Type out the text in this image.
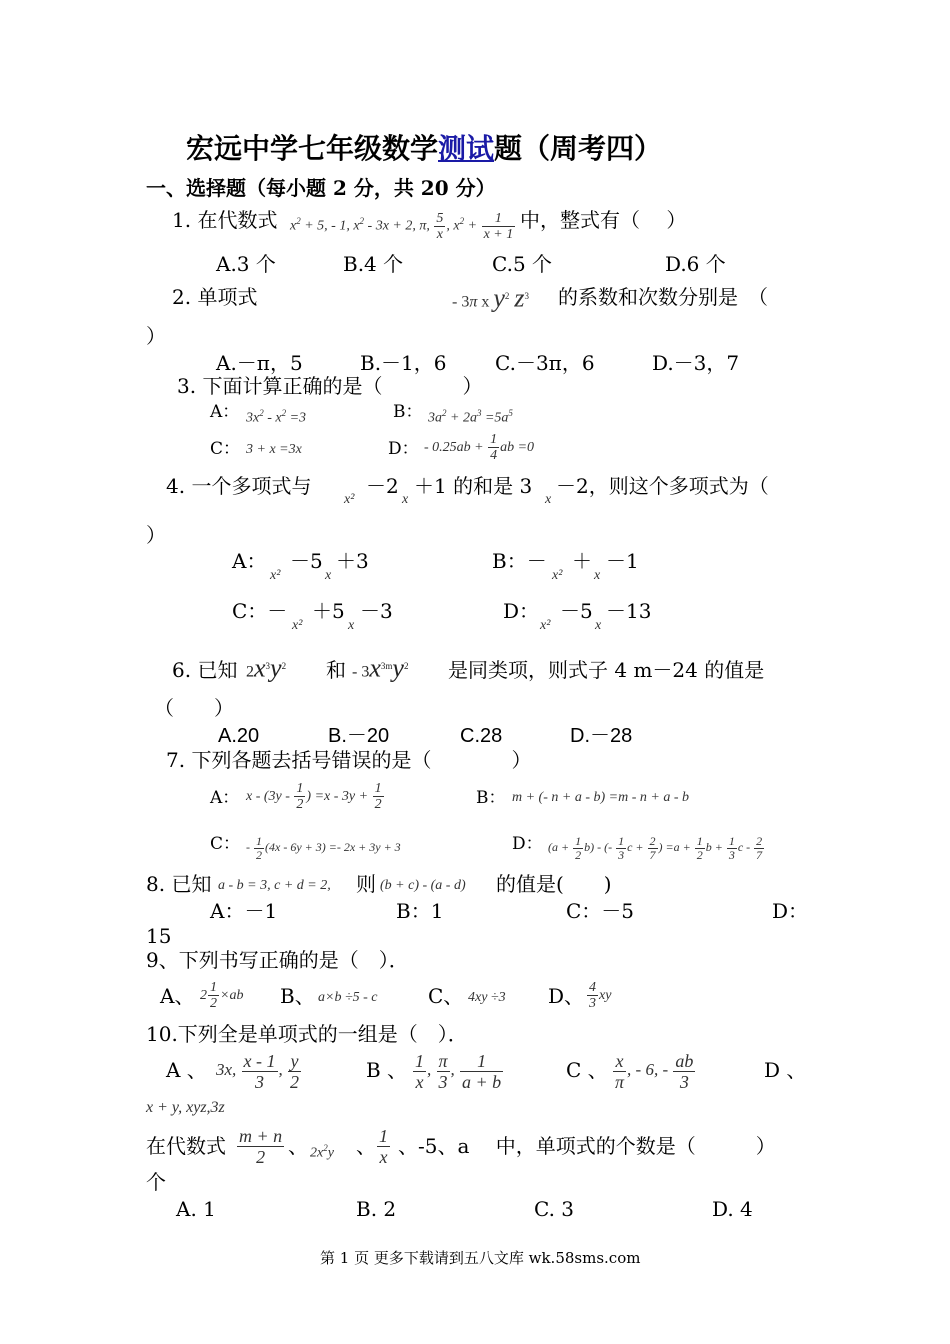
宏远中学七年级数学测试题（周考四）
一、选择题（每小题 2 分，共 20 分）
1. 在代数式 $x^2 + 5$, - 1, $x^2 - 3x + 2$, π, $\frac{5}{x}$ , $x^2 + \frac{1}{x + 1}$ 中，整式有（　 ）
A.3 个	B.4 个	C.5 个	D.6 个
2. 单项式	- 3π x $y^2$ $z^3$ 的系数和次数分别是　（
）
A.－π，5	B.－1，6 C.－3π，6	D.－3，7
3. 下面计算正确的是（　　　　）
A： $3x^2 - x^2 =3$	B： $3a^2 + 2a^3 =5a^5$
C： 3 + x =3x	D： - $0.25ab + \frac{1}{4}$ ab =0
4. 一个多项式与
x²
－2
x
＋1 的和是 3
x
－2，则这个多项式为（
）
A：
x²
－5
x
＋3	B：－
x²
＋
x
－1
C：－
x²
＋5
x
－3	D：
x²
－5
x
－13
6. 已知 $2x^3y^2$ 和 - $3x^{3m}y^2$ 是同类项，则式子 4 m－24 的值是
（　　）
A.20	B.－20	C.28	D.－28
7. 下列各题去括号错误的是（　　　　）
A： x - ($3y - \frac{1}{2}$ ) $=x - 3y + \frac{1}{2}$	B： m + (- n + a - b) =m - n + a - b
C： - $\frac{1}{2} (4x - 6y + 3) =- 2x + 3y + 3$	D： $(a + \frac{1}{2} b)$ - (- $\frac{1}{3}$ $c + \frac{2}{7}$ ) $=a + \frac{1}{2}$ $b + \frac{1}{3}$ c - $\frac{2}{7}$
8. 已知 a - b = 3, c + d = 2, 则 (b + c) - (a - d) 的值是(　　)
A：－1	B：1	C：－5	D：
15
9、下列书写正确的是（　）．
A、 $2 \frac{1}{2} \times ab$ B、 a×b ÷5 - c	C、 4xy ÷3 D、 $\frac{4}{3}$ xy
10.下列全是单项式的一组是（　）．
A 、 3x, $\frac{x - 1}{3}$ , $\frac{y}{2}$	B 、 $\frac{1}{x}$ , $\frac{\pi}{3}$ , $\frac{1}{a + b}$	C 、 $\frac{x}{\pi}$ , - 6, - $\frac{ab}{3}$	D 、
x + y, xyz,3z
在代数式 $\frac{m + n}{2}$ 、 $2x^2y$ 、 $\frac{1}{x}$ 、-5、a　 中，单项式的个数是（　　　）
个
A. 1	B. 2	C. 3	D. 4
第 1 页 更多下载请到五八文库 wk.58sms.com
